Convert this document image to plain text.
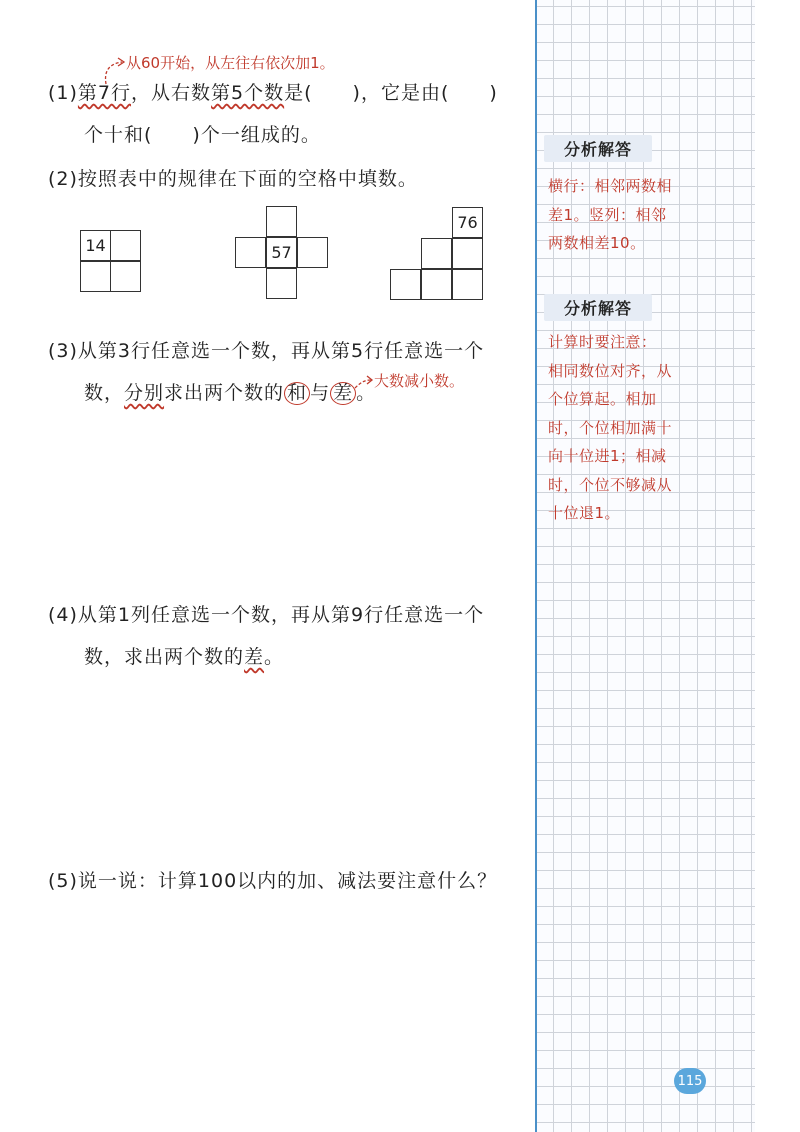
从60开始，从左往右依次加1。
(1)第7行，从右数第5个数是(　　)，它是由(　　)
个十和(　　)个一组成的。
(2)按照表中的规律在下面的空格中填数。
14	57
76
(3)从第3行任意选一个数，再从第5行任意选一个
数，分别求出两个数的 和 与 差 。
大数减小数。
(4)从第1列任意选一个数，再从第9行任意选一个
数，求出两个数的差。
(5)说一说：计算100以内的加、减法要注意什么？
分析解答
横行：相邻两数相
差1。竖列：相邻
两数相差10。
分析解答
计算时要注意：
相同数位对齐，从
个位算起。相加
时，个位相加满十
向十位进1；相减
时，个位不够减从
十位退1。
115
